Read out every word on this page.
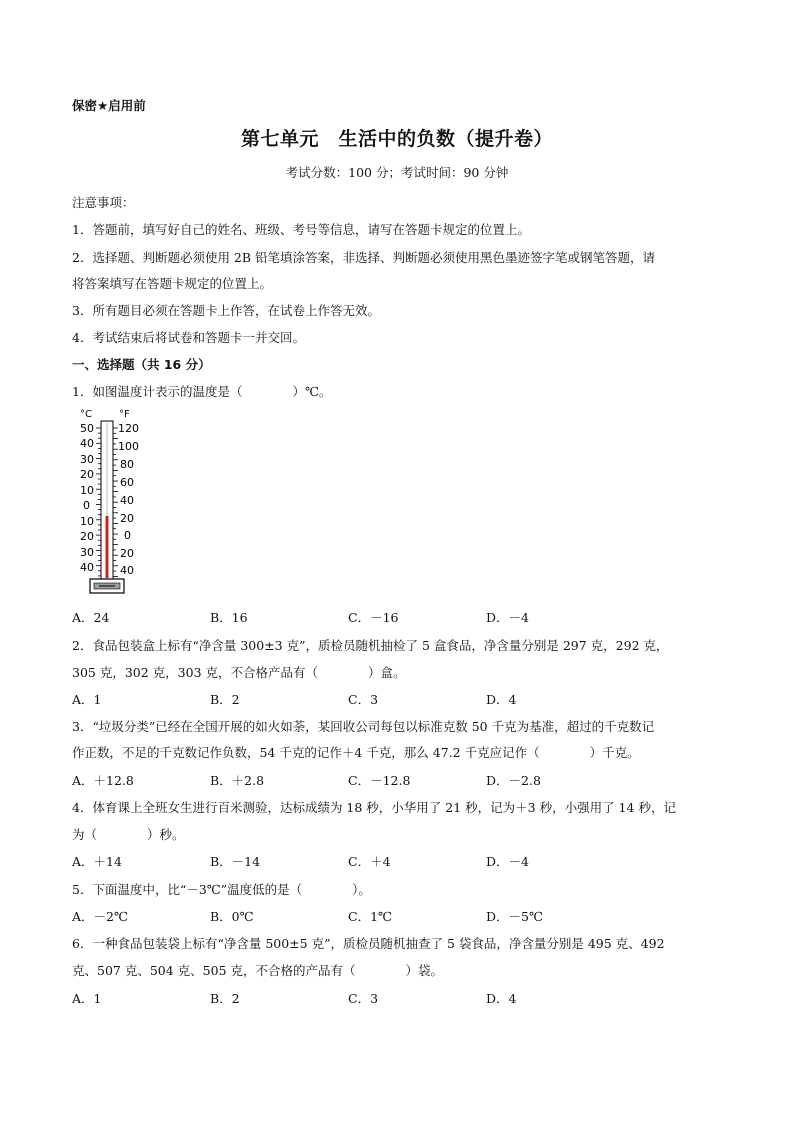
保密★启用前
第七单元　生活中的负数（提升卷）
考试分数：100 分；考试时间：90 分钟
注意事项：
1．答题前，填写好自己的姓名、班级、考号等信息，请写在答题卡规定的位置上。
2．选择题、判断题必须使用 2B 铅笔填涂答案，非选择、判断题必须使用黑色墨迹签字笔或钢笔答题，请
将答案填写在答题卡规定的位置上。
3．所有题目必须在答题卡上作答，在试卷上作答无效。
4．考试结束后将试卷和答题卡一并交回。
一、选择题（共 16 分）
1．如图温度计表示的温度是（　　　　）℃。
°C	°F
50
40
30
20
10
0
10
20
30
40
120
100
80
60
40
20
0
20
40
A．24	B．16	C．－16	D．－4
2．食品包装盒上标有“净含量 300±3 克”，质检员随机抽检了 5 盒食品，净含量分别是 297 克，292 克，
305 克，302 克，303 克，不合格产品有（　　　　）盒。
A．1	B．2	C．3	D．4
3．“垃圾分类”已经在全国开展的如火如荼，某回收公司每包以标准克数 50 千克为基准，超过的千克数记
作正数，不足的千克数记作负数，54 千克的记作＋4 千克，那么 47.2 千克应记作（　　　　）千克。
A．＋12.8	B．＋2.8	C．－12.8	D．－2.8
4．体育课上全班女生进行百米测验，达标成绩为 18 秒，小华用了 21 秒，记为＋3 秒，小强用了 14 秒，记
为（　　　　）秒。
A．＋14	B．－14	C．＋4	D．－4
5．下面温度中，比“－3℃”温度低的是（　　　　）。
A．－2℃	B．0℃	C．1℃	D．－5℃
6．一种食品包装袋上标有“净含量 500±5 克”，质检员随机抽查了 5 袋食品，净含量分别是 495 克、492
克、507 克、504 克、505 克，不合格的产品有（　　　　）袋。
A．1	B．2	C．3	D．4
